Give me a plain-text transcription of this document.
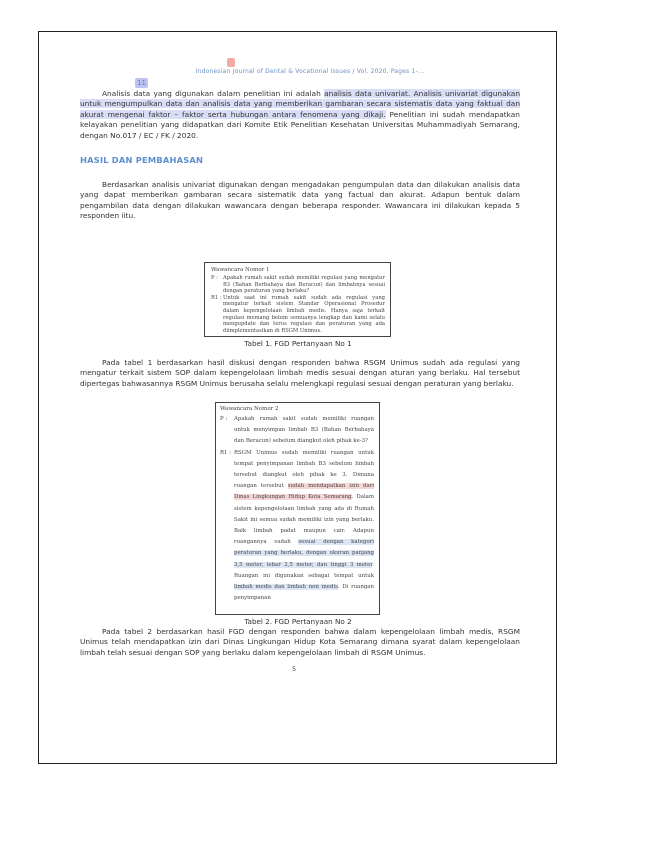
Indonesian Journal of Dental & Vocational Issues / Vol. 2020, Pages 1-...
11

Analisis data yang digunakan dalam penelitian ini adalah analisis data univariat. Analisis univariat digunakan untuk mengumpulkan data dan analisis data yang memberikan gambaran secara sistematis data yang faktual dan akurat mengenai faktor – faktor serta hubungan antara fenomena yang dikaji. Penelitian ini sudah mendapatkan kelayakan penelitian yang didapatkan dari Komite Etik Penelitian Kesehatan Universitas Muhammadiyah Semarang, dengan No.017 / EC / FK / 2020.

HASIL DAN PEMBAHASAN

Berdasarkan analisis univariat digunakan dengan mengadakan pengumpulan data dan dilakukan analisis data yang dapat memberikan gambaran secara sistematik data yang factual dan akurat. Adapun bentuk dalam pengambilan data dengan dilakukan wawancara dengan beberapa responder. Wawancara ini dilakukan kepada 5 responden iitu.

Wawancara Nomor 1
P : Apakah rumah sakit sudah memiliki regulasi yang mengatur B3 (Bahan Berbahaya dan Beracun) dan limbahnya sesuai dengan peraturan yang berlaku?
R1 : Untuk saat ini rumah sakit sudah ada regulasi yang mengatur terkait sistem Standar Operasional Prosedur dalam kepengelolaan limbah medis. Hanya saja terkait regulasi memang belum semuanya lengkap dan kami selalu mengupdate dan terus regulasi dan peraturan yang ada diimplementasikan di RSGM Unimus.
Tabel 1. FGD Pertanyaan No 1

Pada tabel 1 berdasarkan hasil diskusi dengan responden bahwa RSGM Unimus sudah ada regulasi yang mengatur terkait sistem SOP dalam kepengelolaan limbah medis sesuai dengan aturan yang berlaku. Hal tersebut dipertegas bahwasannya RSGM Unimus berusaha selalu melengkapi regulasi sesuai dengan peraturan yang berlaku.

Wawancara Nomor 2
P :	Apakah rumah sakit sudah memiliki ruangan untuk menyimpan limbah B3 (Bahan Berbahaya dan Beracun) sebelum diangkut oleh pihak ke-3?
R1 : RSGM Unimus sudah memiliki ruangan untuk tempat penyimpanan limbah B3 sebelum limbah tersebut diangkut oleh pihak ke 3. Dimana ruangan tersebut sudah mendapatkan izin dari Dinas Lingkungan Hidup Kota Semarang. Dalam sistem kepengelolaan limbah yang ada di Rumah Sakit ini semua sudah memiliki izin yang berlaku. Baik limbah padat maupun cair. Adapun ruangannya sudah sesuai dengan kategori peraturan yang berlaku, dengan ukuran panjang 3,5 meter, lebar 2,5 meter, dan tinggi 3 meter. Ruangan ini digunakan sebagai tempat untuk limbah medis dan limbah non medis. Di ruangan penyimpanan
Tabel 2. FGD Pertanyaan No 2

Pada tabel 2 berdasarkan hasil FGD dengan responden bahwa dalam kepengelolaan limbah medis, RSGM Unimus telah mendapatkan izin dari Dinas Lingkungan Hidup Kota Semarang dimana syarat dalam kepengelolaan limbah telah sesuai dengan SOP yang berlaku dalam kepengelolaan limbah di RSGM Unimus.

5
